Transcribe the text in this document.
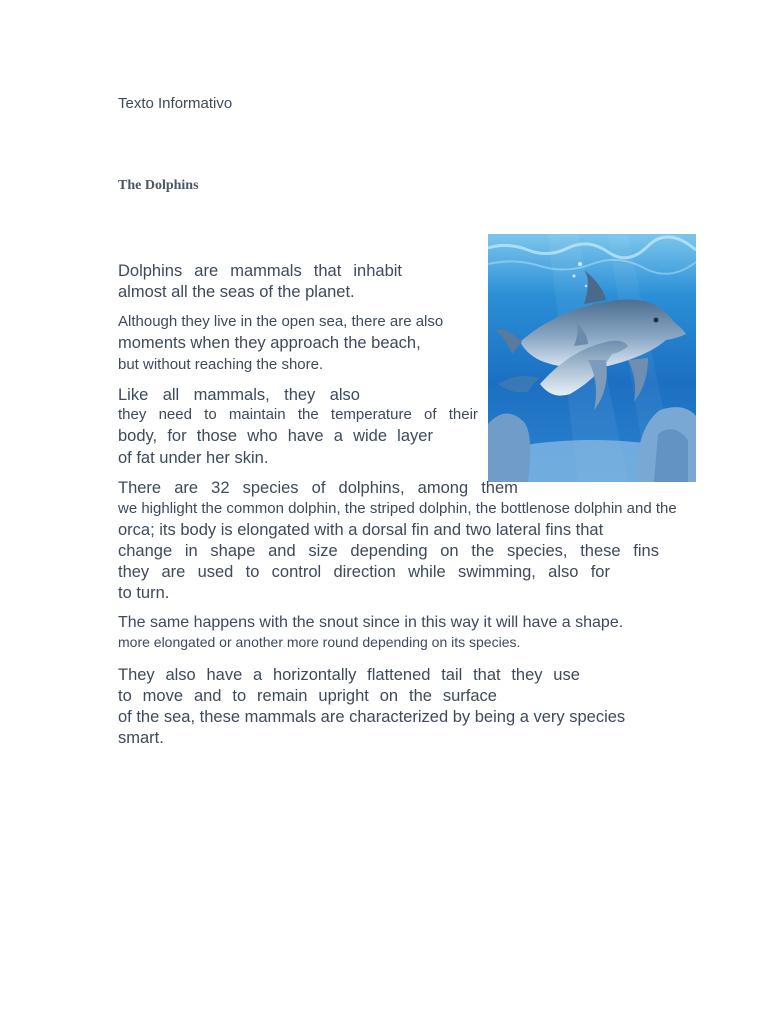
Texto Informativo

The Dolphins

Dolphins are mammals that inhabit

almost all the seas of the planet.

Although they live in the open sea, there are also

moments when they approach the beach,

but without reaching the shore.

Like all mammals, they also

they need to maintain the temperature of their

body, for those who have a wide layer

of fat under her skin.

There are 32 species of dolphins, among them

we highlight the common dolphin, the striped dolphin, the bottlenose dolphin and the

orca; its body is elongated with a dorsal fin and two lateral fins that

change in shape and size depending on the species, these fins

they are used to control direction while swimming, also for

to turn.

The same happens with the snout since in this way it will have a shape.

more elongated or another more round depending on its species.

They also have a horizontally flattened tail that they use

to move and to remain upright on the surface

of the sea, these mammals are characterized by being a very species

smart.
